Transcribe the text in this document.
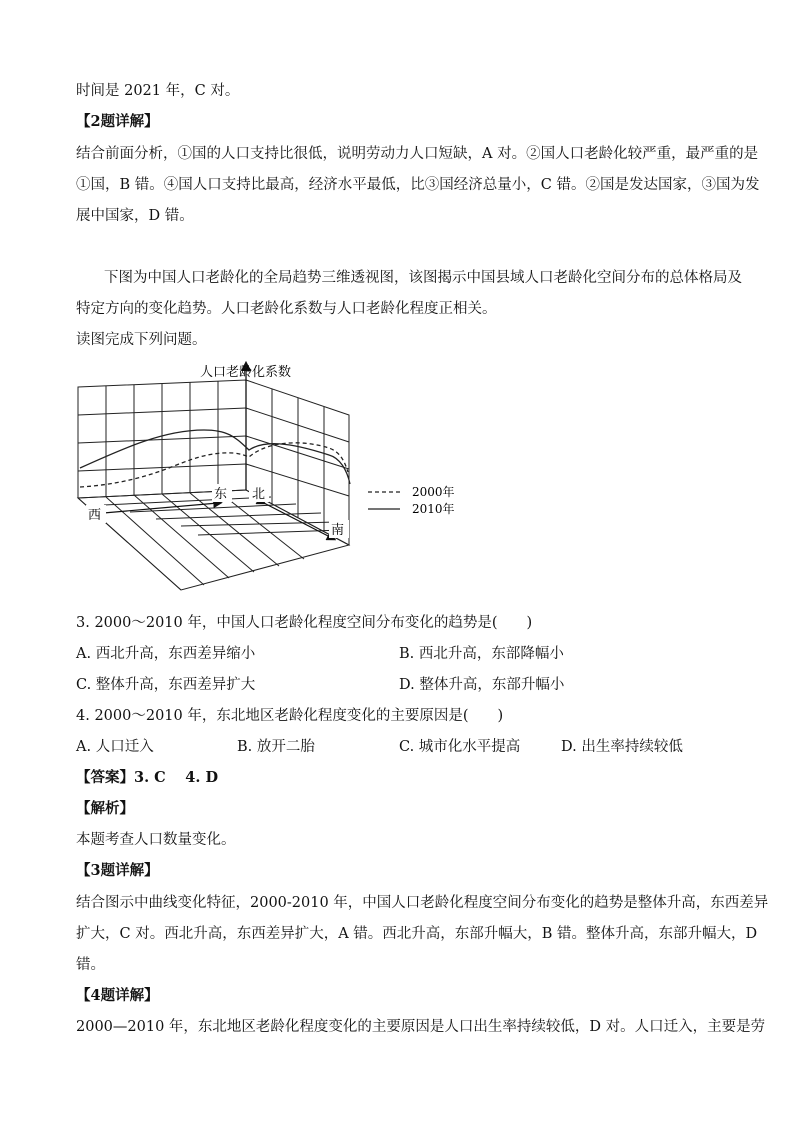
时间是 2021 年，C 对。
【2题详解】
结合前面分析，①国的人口支持比很低，说明劳动力人口短缺，A 对。②国人口老龄化较严重，最严重的是
①国，B 错。④国人口支持比最高，经济水平最低，比③国经济总量小，C 错。②国是发达国家，③国为发
展中国家，D 错。
下图为中国人口老龄化的全局趋势三维透视图，该图揭示中国县域人口老龄化空间分布的总体格局及
特定方向的变化趋势。人口老龄化系数与人口老龄化程度正相关。
读图完成下列问题。
人口老龄化系数
西
东 北
南
2000年
2010年
3. 2000～2010 年，中国人口老龄化程度空间分布变化的趋势是(　　)
A. 西北升高，东西差异缩小	B. 西北升高，东部降幅小
C. 整体升高，东西差异扩大	D. 整体升高，东部升幅小
4. 2000～2010 年，东北地区老龄化程度变化的主要原因是(　　)
A. 人口迁入	B. 放开二胎	C. 城市化水平提高	D. 出生率持续较低
【答案】3. C　 4. D
【解析】
本题考查人口数量变化。
【3题详解】
结合图示中曲线变化特征，2000-2010 年，中国人口老龄化程度空间分布变化的趋势是整体升高，东西差异
扩大，C 对。西北升高，东西差异扩大，A 错。西北升高，东部升幅大，B 错。整体升高，东部升幅大，D
错。
【4题详解】
2000—2010 年，东北地区老龄化程度变化的主要原因是人口出生率持续较低，D 对。人口迁入，主要是劳
